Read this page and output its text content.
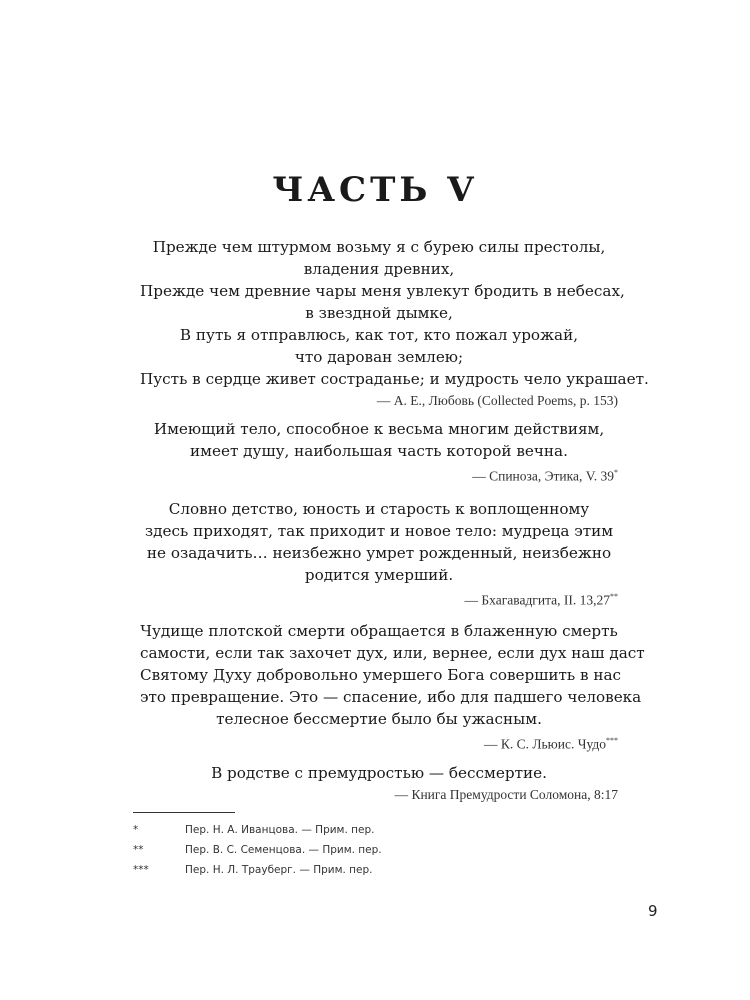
ЧАСТЬ V
Прежде чем штурмом возьму я с бурею силы престолы,
владения древних,
Прежде чем древние чары меня увлекут бродить в небесах,
в звездной дымке,
В путь я отправлюсь, как тот, кто пожал урожай,
что дарован землею;
Пусть в сердце живет состраданье; и мудрость чело украшает.
— А. Е., Любовь (Collected Poems, p. 153)
Имеющий тело, способное к весьма многим действиям,
имеет душу, наибольшая часть которой вечна.
— Спиноза, Этика, V. 39*
Словно детство, юность и старость к воплощенному
здесь приходят, так приходит и новое тело: мудреца этим
не озадачить… неизбежно умрет рожденный, неизбежно
родится умерший.
— Бхагавадгита, II. 13,27**
Чудище плотской смерти обращается в блаженную смерть
самости, если так захочет дух, или, вернее, если дух наш даст
Святому Духу добровольно умершего Бога совершить в нас
это превращение. Это — спасение, ибо для падшего человека
телесное бессмертие было бы ужасным.
— К. С. Льюис. Чудо***
В родстве с премудростью — бессмертие.
— Книга Премудрости Соломона, 8:17
*	Пер. Н. А. Иванцова. — Прим. пер.
**	Пер. В. С. Семенцова. — Прим. пер.
***	Пер. Н. Л. Трауберг. — Прим. пер.
9
